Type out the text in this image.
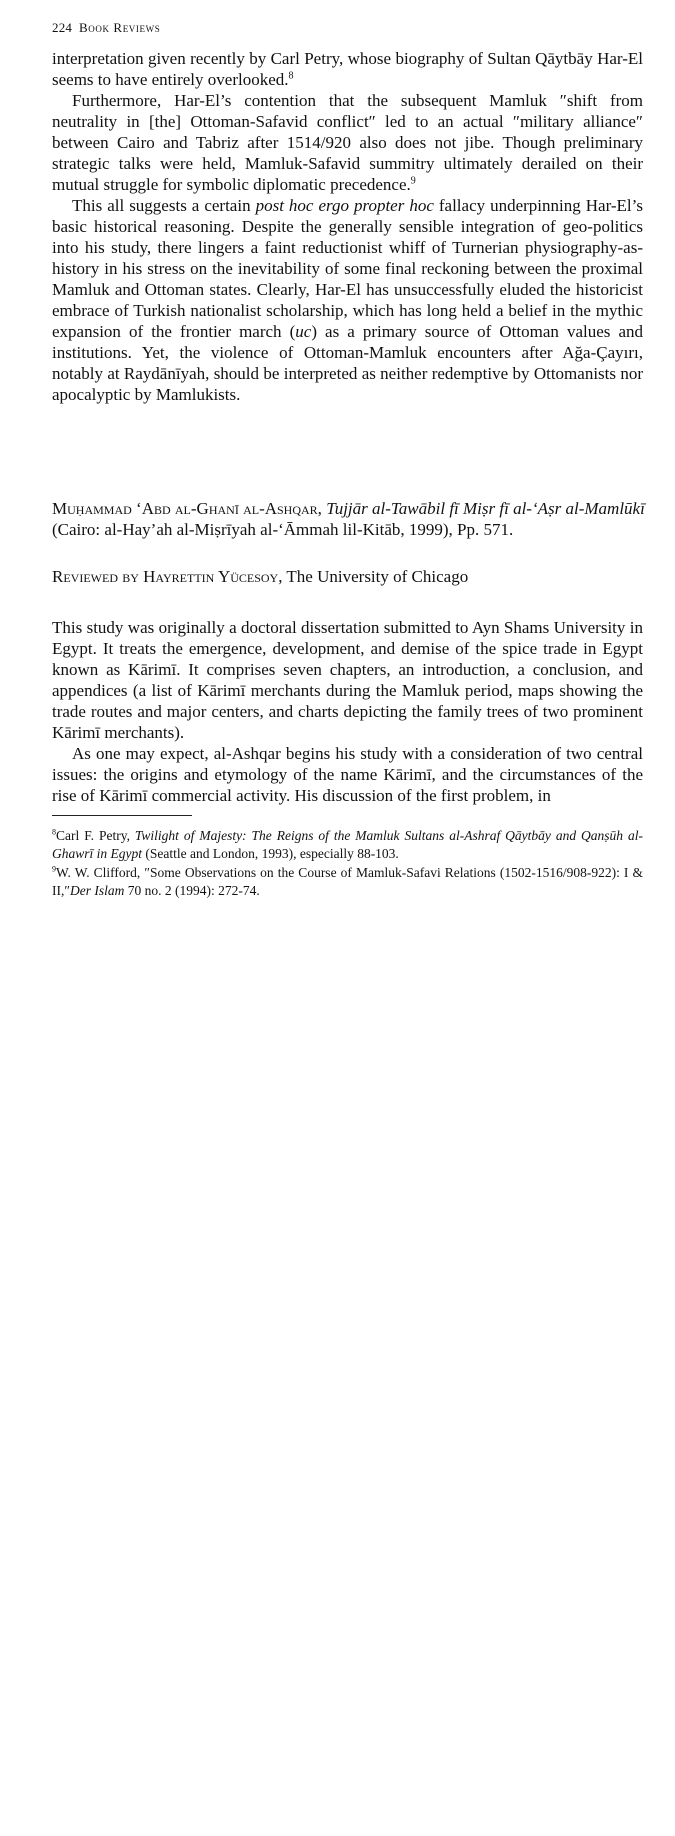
224 Book Reviews

interpretation given recently by Carl Petry, whose biography of Sultan Qāytbāy Har-El seems to have entirely overlooked.$^8$

Furthermore, Har-El’s contention that the subsequent Mamluk ″shift from neutrality in [the] Ottoman-Safavid conflict″ led to an actual ″military alliance″ between Cairo and Tabriz after 1514/920 also does not jibe. Though preliminary strategic talks were held, Mamluk-Safavid summitry ultimately derailed on their mutual struggle for symbolic diplomatic precedence.$^9$

This all suggests a certain post hoc ergo propter hoc fallacy underpinning Har-El’s basic historical reasoning. Despite the generally sensible integration of geo-politics into his study, there lingers a faint reductionist whiff of Turnerian physiography-as-history in his stress on the inevitability of some final reckoning between the proximal Mamluk and Ottoman states. Clearly, Har-El has unsuccessfully eluded the historicist embrace of Turkish nationalist scholarship, which has long held a belief in the mythic expansion of the frontier march (uc) as a primary source of Ottoman values and institutions. Yet, the violence of Ottoman-Mamluk encounters after Ağa-Çayırı, notably at Raydānīyah, should be interpreted as neither redemptive by Ottomanists nor apocalyptic by Mamlukists.

Muḥammad ‘Abd al-Ghanī al-Ashqar, Tujjār al-Tawābil fī Miṣr fī al-‘Aṣr al-Mamlūkī (Cairo: al-Hay’ah al-Miṣrīyah al-‘Āmmah lil-Kitāb, 1999), Pp. 571.
Reviewed by Hayrettin Yücesoy, The University of Chicago

This study was originally a doctoral dissertation submitted to Ayn Shams University in Egypt. It treats the emergence, development, and demise of the spice trade in Egypt known as Kārimī. It comprises seven chapters, an introduction, a conclusion, and appendices (a list of Kārimī merchants during the Mamluk period, maps showing the trade routes and major centers, and charts depicting the family trees of two prominent Kārimī merchants).

As one may expect, al-Ashqar begins his study with a consideration of two central issues: the origins and etymology of the name Kārimī, and the circumstances of the rise of Kārimī commercial activity. His discussion of the first problem, in

$^8$Carl F. Petry, Twilight of Majesty: The Reigns of the Mamluk Sultans al-Ashraf Qāytbāy and Qanṣūh al-Ghawrī in Egypt (Seattle and London, 1993), especially 88-103.

$^9$W. W. Clifford, ″Some Observations on the Course of Mamluk-Safavi Relations (1502-1516/908-922): I & II,″Der Islam 70 no. 2 (1994): 272-74.
